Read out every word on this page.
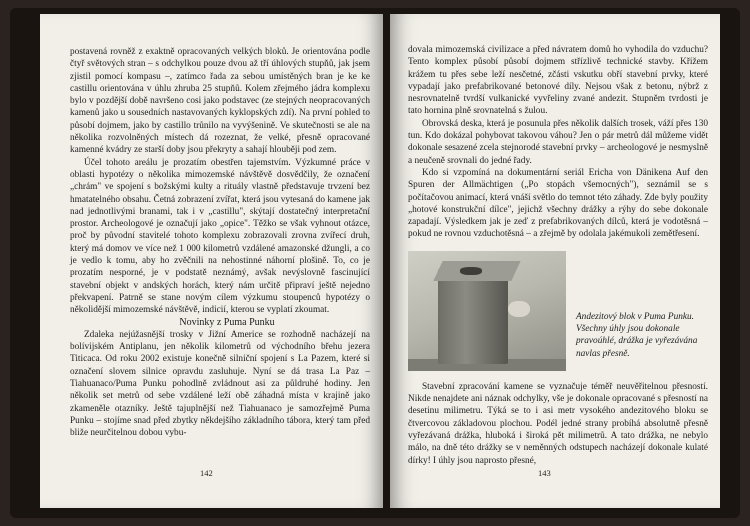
postavená rovněž z exaktně opracovaných velkých bloků. Je orientována podle čtyř světových stran – s odchylkou pouze dvou až tří úhlových stupňů, jak jsem zjistil pomocí kompasu –, zatímco řada za sebou umístěných bran je ke ke castillu orientována v úhlu zhruba 25 stupňů. Kolem zřejmého jádra komplexu bylo v pozdější době navršeno cosi jako podstavec (ze stejných neopracovaných kamenů jako u sousedních nastavovaných kyklopských zdí). Na první pohled to působí dojmem, jako by castillo trůnilo na vyvýšenině. Ve skutečnosti se ale na několika rozvolněných místech dá rozeznat, že velké, přesně opracované kamenné kvádry ze starší doby jsou překryty a sahají hlouběji pod zem.

Účel tohoto areálu je prozatím obestřen tajemstvím. Výzkumné práce v oblasti hypotézy o několika mimozemské návštěvě dosvědčily, že označení „chrám" ve spojení s božskými kulty a rituály vlastně představuje trvzení bez hmatatelného obsahu. Četná zobrazení zvířat, která jsou vytesaná do kamene jak nad jednotlivými branami, tak i v „castillu", skýtají dostatečný interpretační prostor. Archeologové je označují jako „opice". Těžko se však vyhnout otázce, proč by původní stavitelé tohoto komplexu zobrazovali zrovna zvířecí druh, který má domov ve více než 1 000 kilometrů vzdálené amazonské džungli, a co je vedlo k tomu, aby ho zvěčnili na nehostinné náhorní plošině. To, co je prozatím nesporné, je v podstatě neznámý, avšak nevýslovně fascinující stavební objekt v andských horách, který nám určitě připraví ještě nejedno překvapení. Patrně se stane novým cílem výzkumu stoupenců hypotézy o několidější mimozemské návštěvě, indicií, kterou se vyplatí zkoumat.

Novinky z Puma Punku

Zdaleka nejúžasnější trosky v Jižní Americe se rozhodně nacházejí na bolívijském Antiplanu, jen několik kilometrů od východního břehu jezera Titicaca. Od roku 2002 existuje konečně silniční spojení s La Pazem, které si označení slovem silnice opravdu zasluhuje. Nyní se dá trasa La Paz – Tiahuanaco/Puma Punku pohodlně zvládnout asi za půldruhé hodiny. Jen několik set metrů od sebe vzdálené leží obě záhadná místa v krajině jako zkameněle otazníky. Ještě tajuplnější než Tiahuanaco je samozřejmě Puma Punku – stojíme snad před zbytky někdejšího základního tábora, který tam před bliže neurčitelnou dobou vybu-

142

dovala mimozemská civilizace a před návratem domů ho vyhodila do vzduchu? Tento komplex působí působí dojmem střízlivě technické stavby. Křížem krážem tu přes sebe leží nesčetné, zčásti vskutku obří stavební prvky, které vypadají jako prefabrikované betonové díly. Nejsou však z betonu, nýbrž z nesrovnatelně tvrdší vulkanické vyvřeliny zvané andezit. Stupněm tvrdosti je tato hornina plně srovnatelná s žulou.

Obrovská deska, která je posunula přes několik dalších trosek, váží přes 130 tun. Kdo dokázal pohybovat takovou váhou? Jen o pár metrů dál můžeme vidět dokonale sesazené zcela stejnorodé stavební prvky – archeologové je nesmyslně a neučeně srovnali do jedné řady.

Kdo si vzpomíná na dokumentární seriál Ericha von Dänikena Auf den Spuren der Allmächtigen („Po stopách všemocných"), seznámil se s počítačovou animací, která vnáší světlo do temnot této záhady. Zde byly použity „hotové konstrukční dílce", jejichž všechny drážky a rýhy do sebe dokonale zapadají. Výsledkem jak je zeď z prefabrikovaných dílců, která je vodotěsná – pokud ne rovnou vzduchotěsná – a zřejmě by odolala jakémukoli zemětřesení.

Andezitový blok v Puma Punku. Všechny úhly jsou dokonale pravoúhlé, drážka je vyřezávána navlas přesně.

Stavební zpracování kamene se vyznačuje téměř neuvěřitelnou přesností. Nikde nenajdete ani náznak odchylky, vše je dokonale opracované s přesností na desetinu milimetru. Týká se to i asi metr vysokého andezitového bloku se čtvercovou základovou plochou. Podél jedné strany probíhá absolutně přesně vyřezávaná drážka, hluboká i široká pět milimetrů. A tato drážka, ne nebylo málo, na dně této drážky se v neměnných odstupech nacházejí dokonale kulaté dírky! I úhly jsou naprosto přesné,

143
